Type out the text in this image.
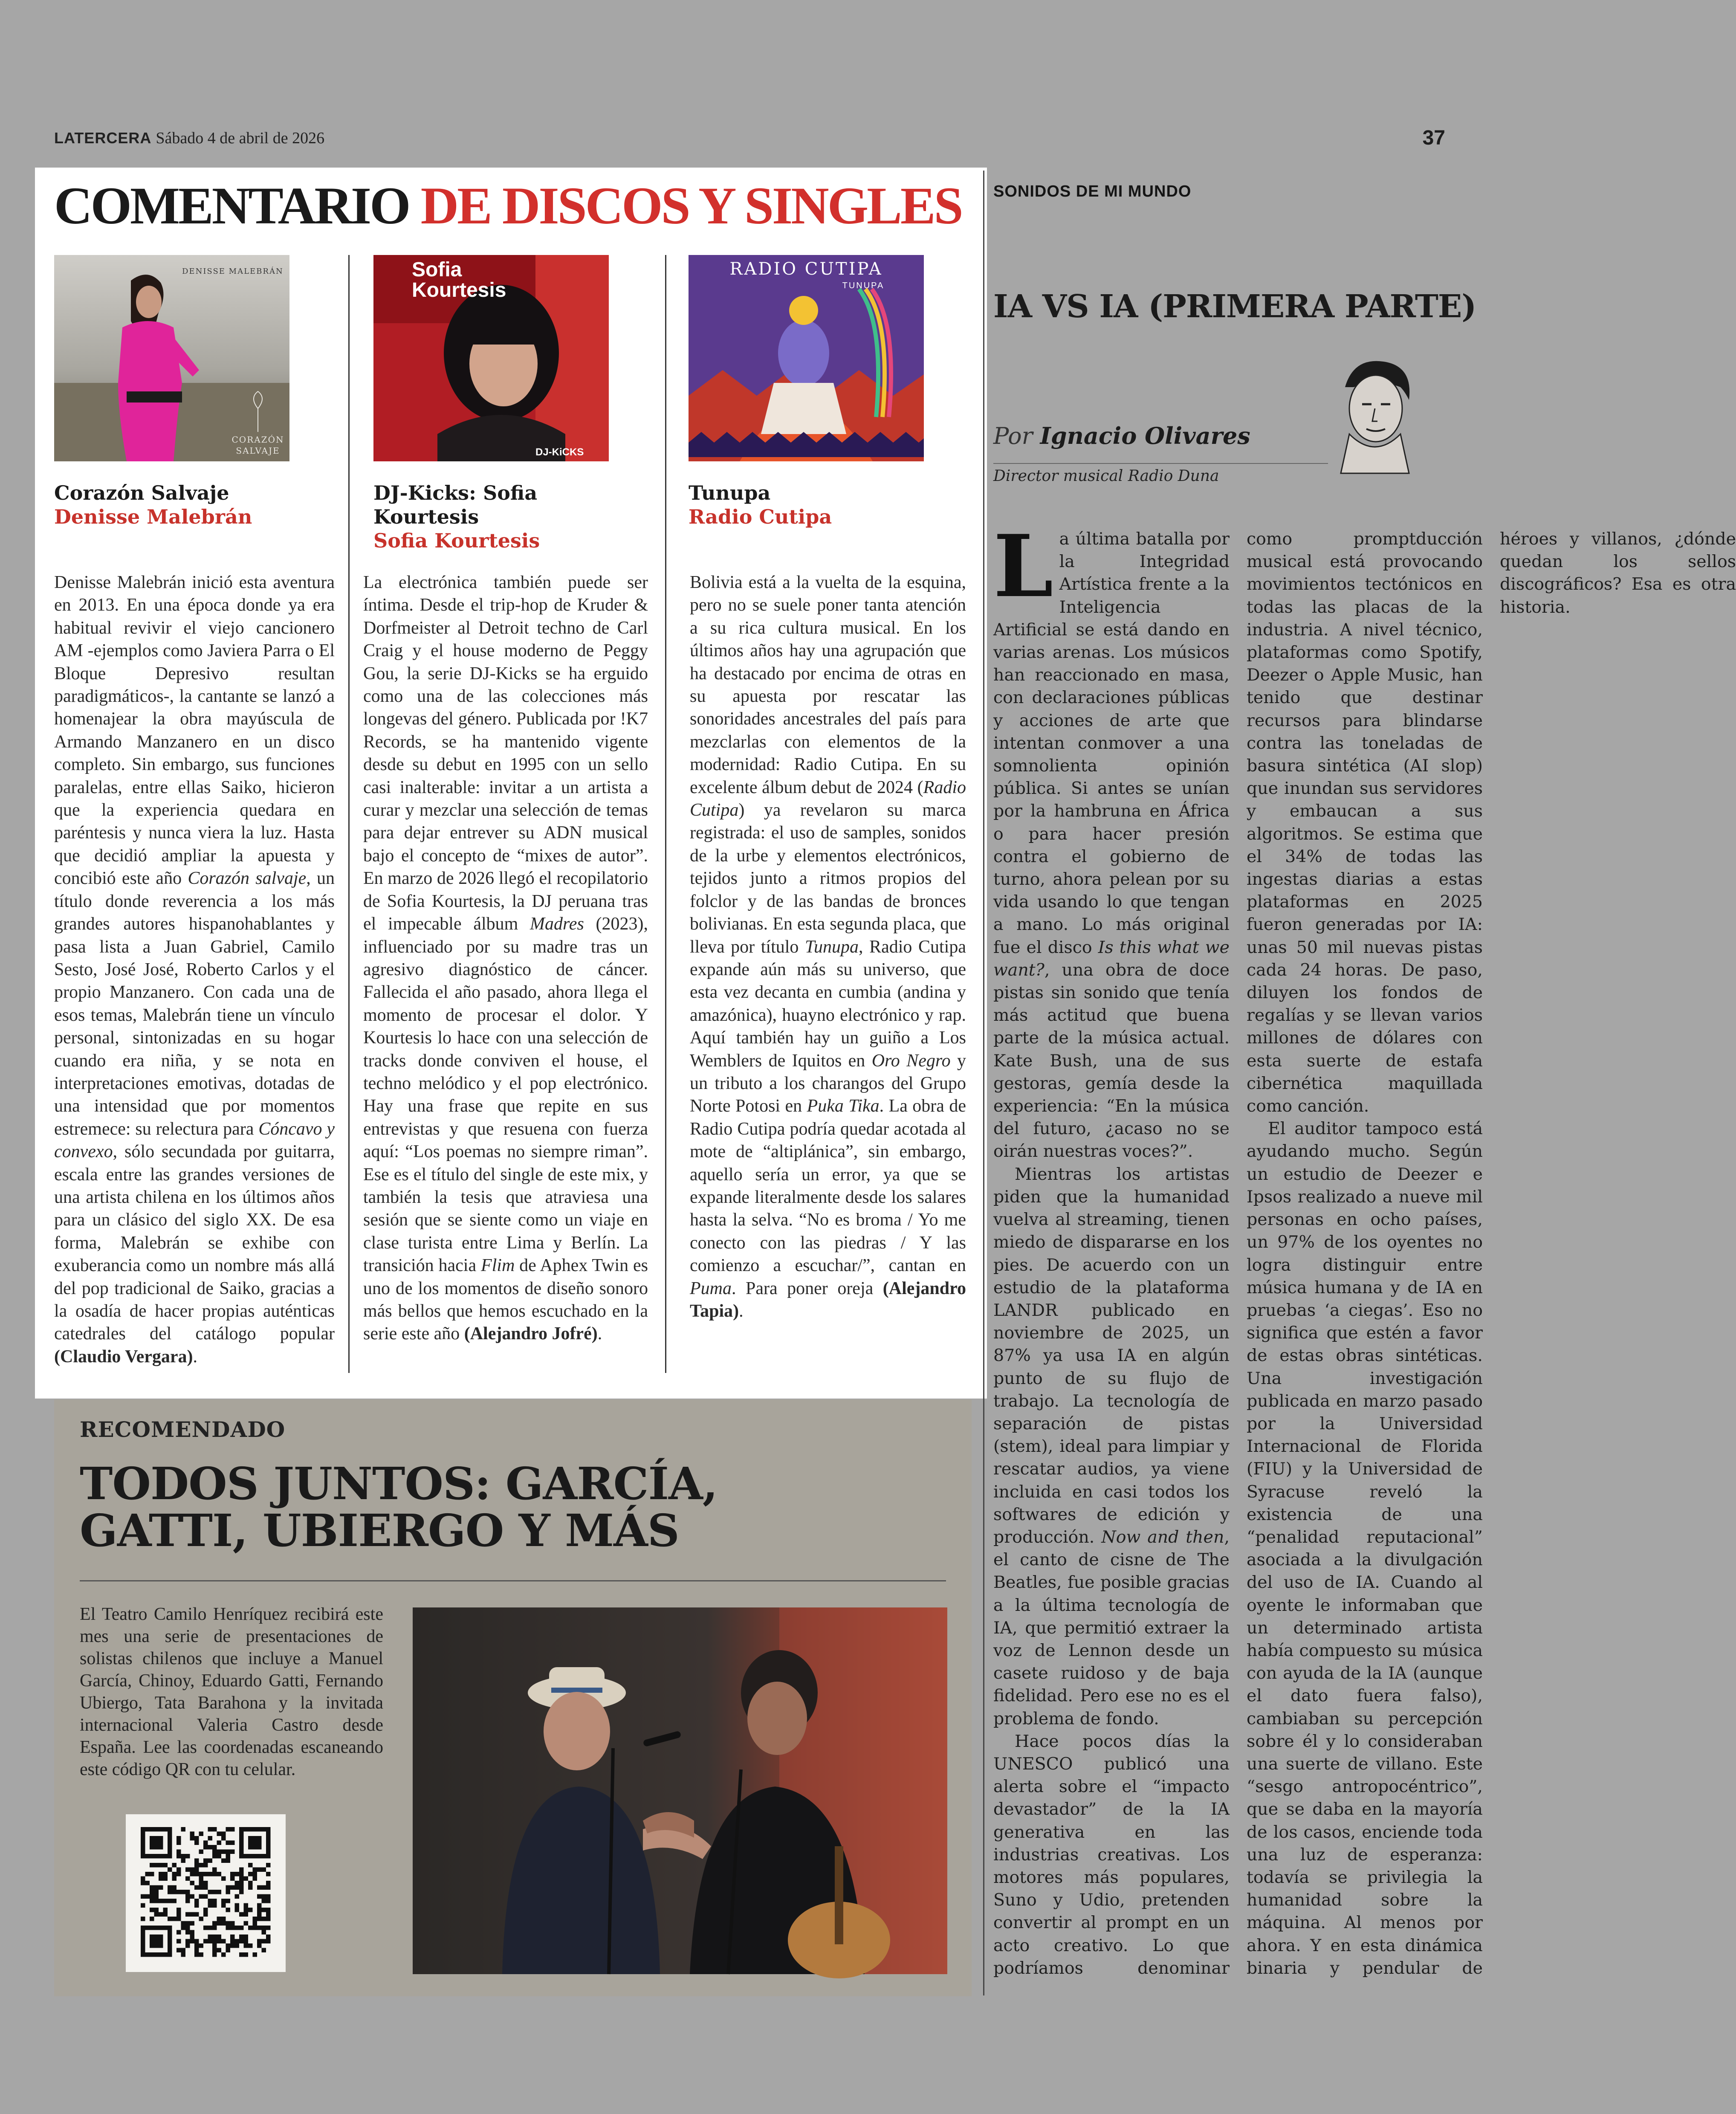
LATERCERA Sábado 4 de abril de 2026	37
COMENTARIO DE DISCOS Y SINGLES
DENISSE MALEBRÁN
CORAZÓN
SALVAJE
Sofia
Kourtesis
DJ-KiCKS
RADIO CUTIPA
TUNUPA
Corazón Salvaje
Denisse Malebrán
DJ-Kicks: Sofia Kourtesis
Sofia Kourtesis
Tunupa
Radio Cutipa
Denisse Malebrán inició esta aventura en 2013. En una época donde ya era habitual revivir el viejo cancionero AM -ejemplos como Javiera Parra o El Bloque Depresivo resultan paradigmáticos-, la cantante se lanzó a homenajear la obra mayúscula de Armando Manzanero en un disco completo. Sin embargo, sus funciones paralelas, entre ellas Saiko, hicieron que la experiencia quedara en paréntesis y nunca viera la luz. Hasta que decidió ampliar la apuesta y concibió este año Corazón salvaje, un título donde reverencia a los más grandes autores hispanohablantes y pasa lista a Juan Gabriel, Camilo Sesto, José José, Roberto Carlos y el propio Manzanero. Con cada una de esos temas, Malebrán tiene un vínculo personal, sintonizadas en su hogar cuando era niña, y se nota en interpretaciones emotivas, dotadas de una intensidad que por momentos estremece: su relectura para Cóncavo y convexo, sólo secundada por guitarra, escala entre las grandes versiones de una artista chilena en los últimos años para un clásico del siglo XX. De esa forma, Malebrán se exhibe con exuberancia como un nombre más allá del pop tradicional de Saiko, gracias a la osadía de hacer propias auténticas catedrales del catálogo popular (Claudio Vergara).
La electrónica también puede ser íntima. Desde el trip-hop de Kruder & Dorfmeister al Detroit techno de Carl Craig y el house moderno de Peggy Gou, la serie DJ-Kicks se ha erguido como una de las colecciones más longevas del género. Publicada por !K7 Records, se ha mantenido vigente desde su debut en 1995 con un sello casi inalterable: invitar a un artista a curar y mezclar una selección de temas para dejar entrever su ADN musical bajo el concepto de “mixes de autor”. En marzo de 2026 llegó el recopilatorio de Sofia Kourtesis, la DJ peruana tras el impecable álbum Madres (2023), influenciado por su madre tras un agresivo diagnóstico de cáncer. Fallecida el año pasado, ahora llega el momento de procesar el dolor. Y Kourtesis lo hace con una selección de tracks donde conviven el house, el techno melódico y el pop electrónico. Hay una frase que repite en sus entrevistas y que resuena con fuerza aquí: “Los poemas no siempre riman”. Ese es el título del single de este mix, y también la tesis que atraviesa una sesión que se siente como un viaje en clase turista entre Lima y Berlín. La transición hacia Flim de Aphex Twin es uno de los momentos de diseño sonoro más bellos que hemos escuchado en la serie este año (Alejandro Jofré).
Bolivia está a la vuelta de la esquina, pero no se suele poner tanta atención a su rica cultura musical. En los últimos años hay una agrupación que ha destacado por encima de otras en su apuesta por rescatar las sonoridades ancestrales del país para mezclarlas con elementos de la modernidad: Radio Cutipa. En su excelente álbum debut de 2024 (Radio Cutipa) ya revelaron su marca registrada: el uso de samples, sonidos de la urbe y elementos electrónicos, tejidos junto a ritmos propios del folclor y de las bandas de bronces bolivianas. En esta segunda placa, que lleva por título Tunupa, Radio Cutipa expande aún más su universo, que esta vez decanta en cumbia (andina y amazónica), huayno electrónico y rap. Aquí también hay un guiño a Los Wemblers de Iquitos en Oro Negro y un tributo a los charangos del Grupo Norte Potosi en Puka Tika. La obra de Radio Cutipa podría quedar acotada al mote de “altiplánica”, sin embargo, aquello sería un error, ya que se expande literalmente desde los salares hasta la selva. “No es broma / Yo me conecto con las piedras / Y las comienzo a escuchar/”, cantan en Puma. Para poner oreja (Alejandro Tapia).
RECOMENDADO
TODOS JUNTOS: GARCÍA, GATTI, UBIERGO Y MÁS
El Teatro Camilo Henríquez recibirá este mes una serie de presentaciones de solistas chilenos que incluye a Manuel García, Chinoy, Eduardo Gatti, Fernando Ubiergo, Tata Barahona y la invitada internacional Valeria Castro desde España. Lee las coordenadas escaneando este código QR con tu celular.
SONIDOS DE MI MUNDO
IA VS IA (PRIMERA PARTE)
Por Ignacio Olivares
Director musical Radio Duna

La última batalla por la Integridad Artística frente a la Inteligencia Artificial se está dando en varias arenas. Los músicos han reaccionado en masa, con declaraciones públicas y acciones de arte que intentan conmover a una somnolienta opinión pública. Si antes se unían por la hambruna en África o para hacer presión contra el gobierno de turno, ahora pelean por su vida usando lo que tengan a mano. Lo más original fue el disco Is this what we want?, una obra de doce pistas sin sonido que tenía más actitud que buena parte de la música actual. Kate Bush, una de sus gestoras, gemía desde la experiencia: “En la música del futuro, ¿acaso no se oirán nuestras voces?”.

Mientras los artistas piden que la humanidad vuelva al streaming, tienen miedo de dispararse en los pies. De acuerdo con un estudio de la plataforma LANDR publicado en noviembre de 2025, un 87% ya usa IA en algún punto de su flujo de trabajo. La tecnología de separación de pistas (stem), ideal para limpiar y rescatar audios, ya viene incluida en casi todos los softwares de edición y producción. Now and then, el canto de cisne de The Beatles, fue posible gracias a la última tecnología de IA, que permitió extraer la voz de Lennon desde un casete ruidoso y de baja fidelidad. Pero ese no es el problema de fondo.

Hace pocos días la UNESCO publicó una alerta sobre el “impacto devastador” de la IA generativa en las industrias creativas. Los motores más populares, Suno y Udio, pretenden convertir al prompt en un acto creativo. Lo que podríamos denominar como promptducción musical está provocando movimientos tectónicos en todas las placas de la industria. A nivel técnico, plataformas como Spotify, Deezer o Apple Music, han tenido que destinar recursos para blindarse contra las toneladas de basura sintética (AI slop) que inundan sus servidores y embaucan a sus algoritmos. Se estima que el 34% de todas las ingestas diarias a estas plataformas en 2025 fueron generadas por IA: unas 50 mil nuevas pistas cada 24 horas. De paso, diluyen los fondos de regalías y se llevan varios millones de dólares con esta suerte de estafa cibernética maquillada como canción.

El auditor tampoco está ayudando mucho. Según un estudio de Deezer e Ipsos realizado a nueve mil personas en ocho países, un 97% de los oyentes no logra distinguir entre música humana y de IA en pruebas ‘a ciegas’. Eso no significa que estén a favor de estas obras sintéticas. Una investigación publicada en marzo pasado por la Universidad Internacional de Florida (FIU) y la Universidad de Syracuse reveló la existencia de una “penalidad reputacional” asociada a la divulgación del uso de IA. Cuando al oyente le informaban que un determinado artista había compuesto su música con ayuda de la IA (aunque el dato fuera falso), cambiaban su percepción sobre él y lo consideraban una suerte de villano. Este “sesgo antropocéntrico”, que se daba en la mayoría de los casos, enciende toda una luz de esperanza: todavía se privilegia la humanidad sobre la máquina. Al menos por ahora. Y en esta dinámica binaria y pendular de héroes y villanos, ¿dónde quedan los sellos discográficos? Esa es otra historia.
